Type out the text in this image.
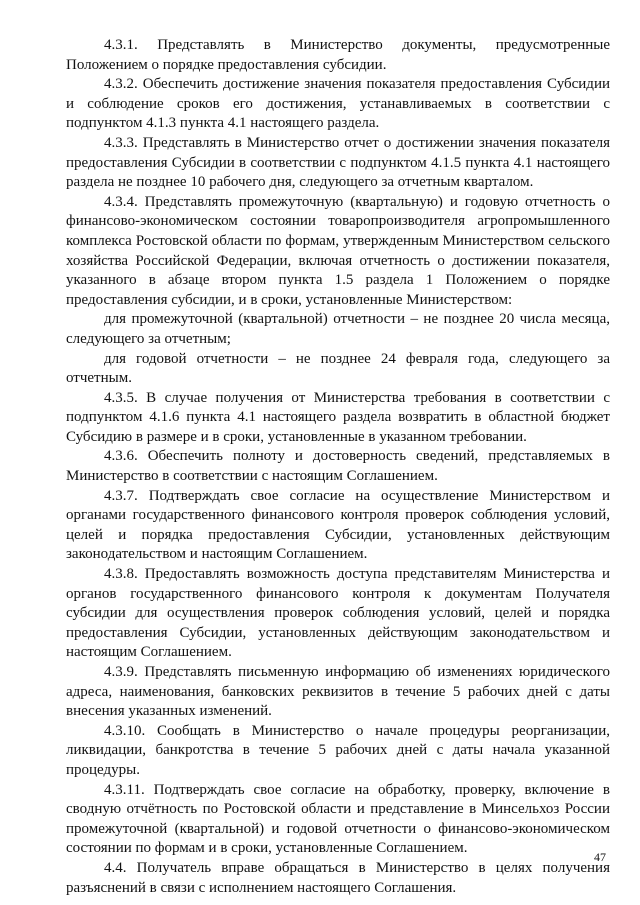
4.3.1. Представлять в Министерство документы, предусмотренные Положением о порядке предоставления субсидии.

4.3.2. Обеспечить достижение значения показателя предоставления Субсидии и соблюдение сроков его достижения, устанавливаемых в соответствии с подпунктом 4.1.3 пункта 4.1 настоящего раздела.

4.3.3. Представлять в Министерство отчет о достижении значения показателя предоставления Субсидии в соответствии с подпунктом 4.1.5 пункта 4.1 настоящего раздела не позднее 10 рабочего дня, следующего за отчетным кварталом.

4.3.4. Представлять промежуточную (квартальную) и годовую отчетность о финансово-экономическом состоянии товаропроизводителя агропромышленного комплекса Ростовской области по формам, утвержденным Министерством сельского хозяйства Российской Федерации, включая отчетность о достижении показателя, указанного в абзаце втором пункта 1.5 раздела 1 Положением о порядке предоставления субсидии, и в сроки, установленные Министерством:

для промежуточной (квартальной) отчетности – не позднее 20 числа месяца, следующего за отчетным;

для годовой отчетности – не позднее 24 февраля года, следующего за отчетным.

4.3.5. В случае получения от Министерства требования в соответствии с подпунктом 4.1.6 пункта 4.1 настоящего раздела возвратить в областной бюджет Субсидию в размере и в сроки, установленные в указанном требовании.

4.3.6. Обеспечить полноту и достоверность сведений, представляемых в Министерство в соответствии с настоящим Соглашением.

4.3.7. Подтверждать свое согласие на осуществление Министерством и органами государственного финансового контроля проверок соблюдения условий, целей и порядка предоставления Субсидии, установленных действующим законодательством и настоящим Соглашением.

4.3.8. Предоставлять возможность доступа представителям Министерства и органов государственного финансового контроля к документам Получателя субсидии для осуществления проверок соблюдения условий, целей и порядка предоставления Субсидии, установленных действующим законодательством и настоящим Соглашением.

4.3.9. Представлять письменную информацию об изменениях юридического адреса, наименования, банковских реквизитов в течение 5 рабочих дней с даты внесения указанных изменений.

4.3.10. Сообщать в Министерство о начале процедуры реорганизации, ликвидации, банкротства в течение 5 рабочих дней с даты начала указанной процедуры.

4.3.11. Подтверждать свое согласие на обработку, проверку, включение в сводную отчётность по Ростовской области и представление в Минсельхоз России промежуточной (квартальной) и годовой отчетности о финансово-экономическом состоянии по формам и в сроки, установленные Соглашением.

4.4. Получатель вправе обращаться в Министерство в целях получения разъяснений в связи с исполнением настоящего Соглашения.

47
